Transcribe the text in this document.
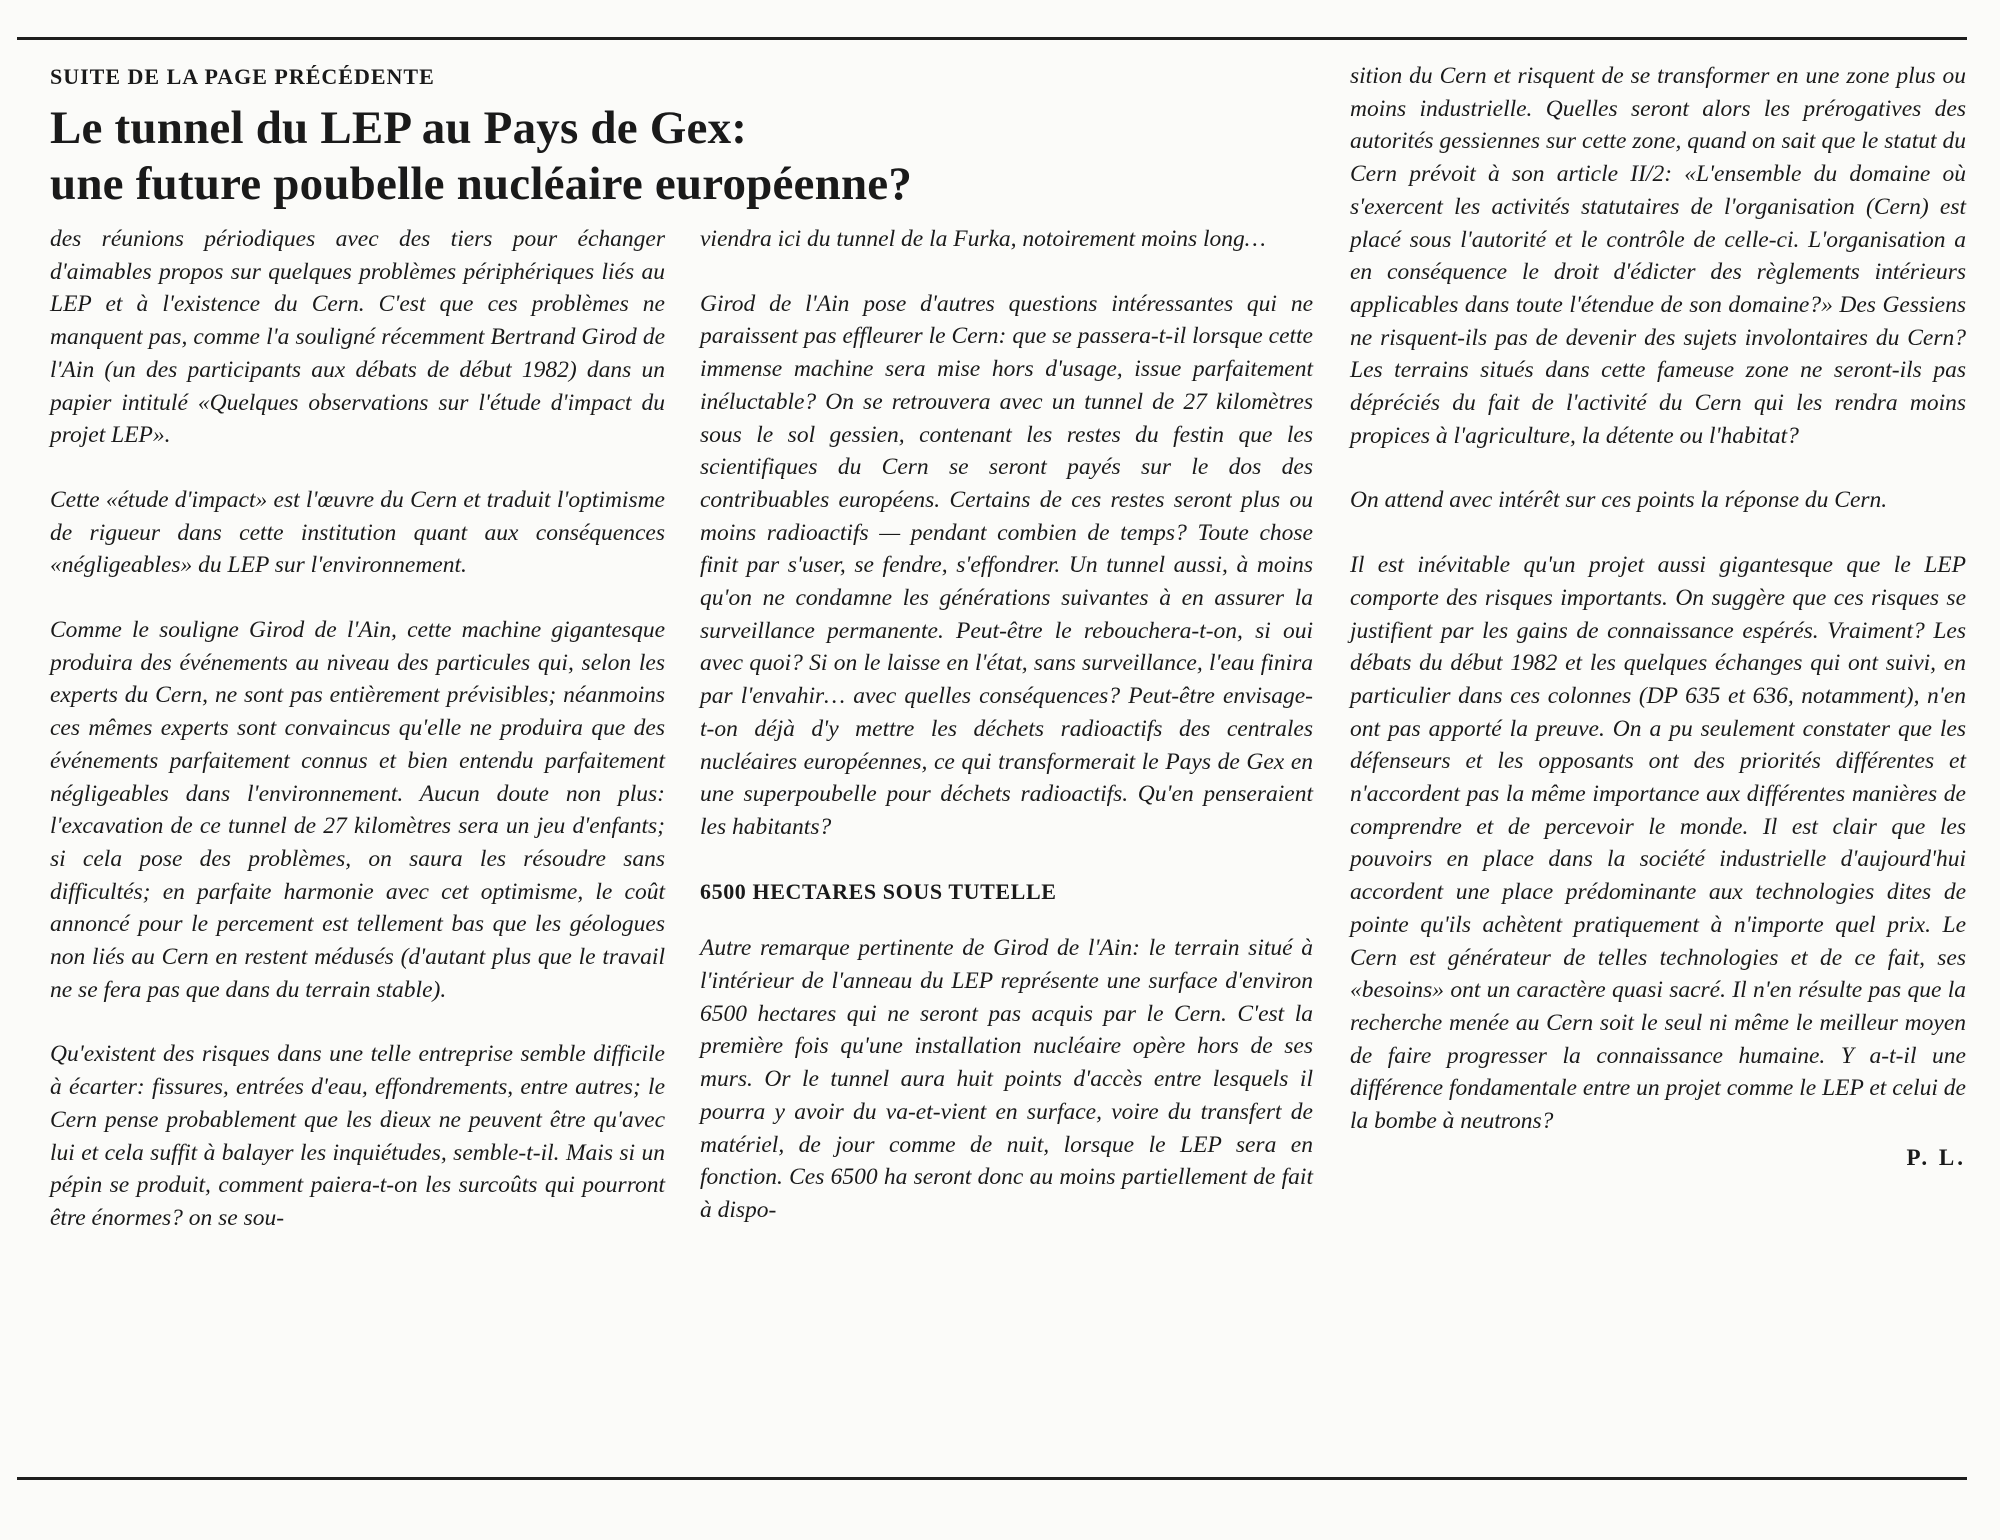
SUITE DE LA PAGE PRÉCÉDENTE

Le tunnel du LEP au Pays de Gex:
une future poubelle nucléaire européenne?

des réunions périodiques avec des tiers pour échanger d'aimables propos sur quelques problèmes périphériques liés au LEP et à l'existence du Cern. C'est que ces problèmes ne manquent pas, comme l'a souligné récemment Bertrand Girod de l'Ain (un des participants aux débats de début 1982) dans un papier intitulé «Quelques observations sur l'étude d'impact du projet LEP».

Cette «étude d'impact» est l'œuvre du Cern et traduit l'optimisme de rigueur dans cette institution quant aux conséquences «négligeables» du LEP sur l'environnement.

Comme le souligne Girod de l'Ain, cette machine gigantesque produira des événements au niveau des particules qui, selon les experts du Cern, ne sont pas entièrement prévisibles; néanmoins ces mêmes experts sont convaincus qu'elle ne produira que des événements parfaitement connus et bien entendu parfaitement négligeables dans l'environnement. Aucun doute non plus: l'excavation de ce tunnel de 27 kilomètres sera un jeu d'enfants; si cela pose des problèmes, on saura les résoudre sans difficultés; en parfaite harmonie avec cet optimisme, le coût annoncé pour le percement est tellement bas que les géologues non liés au Cern en restent médusés (d'autant plus que le travail ne se fera pas que dans du terrain stable).

Qu'existent des risques dans une telle entreprise semble difficile à écarter: fissures, entrées d'eau, effondrements, entre autres; le Cern pense probablement que les dieux ne peuvent être qu'avec lui et cela suffit à balayer les inquiétudes, semble-t-il. Mais si un pépin se produit, comment paiera-t-on les surcoûts qui pourront être énormes? on se sou-

viendra ici du tunnel de la Furka, notoirement moins long…

Girod de l'Ain pose d'autres questions intéressantes qui ne paraissent pas effleurer le Cern: que se passera-t-il lorsque cette immense machine sera mise hors d'usage, issue parfaitement inéluctable? On se retrouvera avec un tunnel de 27 kilomètres sous le sol gessien, contenant les restes du festin que les scientifiques du Cern se seront payés sur le dos des contribuables européens. Certains de ces restes seront plus ou moins radioactifs — pendant combien de temps? Toute chose finit par s'user, se fendre, s'effondrer. Un tunnel aussi, à moins qu'on ne condamne les générations suivantes à en assurer la surveillance permanente. Peut-être le rebouchera-t-on, si oui avec quoi? Si on le laisse en l'état, sans surveillance, l'eau finira par l'envahir… avec quelles conséquences? Peut-être envisage-t-on déjà d'y mettre les déchets radioactifs des centrales nucléaires européennes, ce qui transformerait le Pays de Gex en une superpoubelle pour déchets radioactifs. Qu'en penseraient les habitants?

6500 HECTARES SOUS TUTELLE

Autre remarque pertinente de Girod de l'Ain: le terrain situé à l'intérieur de l'anneau du LEP représente une surface d'environ 6500 hectares qui ne seront pas acquis par le Cern. C'est la première fois qu'une installation nucléaire opère hors de ses murs. Or le tunnel aura huit points d'accès entre lesquels il pourra y avoir du va-et-vient en surface, voire du transfert de matériel, de jour comme de nuit, lorsque le LEP sera en fonction. Ces 6500 ha seront donc au moins partiellement de fait à dispo-

sition du Cern et risquent de se transformer en une zone plus ou moins industrielle. Quelles seront alors les prérogatives des autorités gessiennes sur cette zone, quand on sait que le statut du Cern prévoit à son article II/2: «L'ensemble du domaine où s'exercent les activités statutaires de l'organisation (Cern) est placé sous l'autorité et le contrôle de celle-ci. L'organisation a en conséquence le droit d'édicter des règlements intérieurs applicables dans toute l'étendue de son domaine?» Des Gessiens ne risquent-ils pas de devenir des sujets involontaires du Cern? Les terrains situés dans cette fameuse zone ne seront-ils pas dépréciés du fait de l'activité du Cern qui les rendra moins propices à l'agriculture, la détente ou l'habitat?

On attend avec intérêt sur ces points la réponse du Cern.

Il est inévitable qu'un projet aussi gigantesque que le LEP comporte des risques importants. On suggère que ces risques se justifient par les gains de connaissance espérés. Vraiment? Les débats du début 1982 et les quelques échanges qui ont suivi, en particulier dans ces colonnes (DP 635 et 636, notamment), n'en ont pas apporté la preuve. On a pu seulement constater que les défenseurs et les opposants ont des priorités différentes et n'accordent pas la même importance aux différentes manières de comprendre et de percevoir le monde. Il est clair que les pouvoirs en place dans la société industrielle d'aujourd'hui accordent une place prédominante aux technologies dites de pointe qu'ils achètent pratiquement à n'importe quel prix. Le Cern est générateur de telles technologies et de ce fait, ses «besoins» ont un caractère quasi sacré. Il n'en résulte pas que la recherche menée au Cern soit le seul ni même le meilleur moyen de faire progresser la connaissance humaine. Y a-t-il une différence fondamentale entre un projet comme le LEP et celui de la bombe à neutrons?

P. L.
